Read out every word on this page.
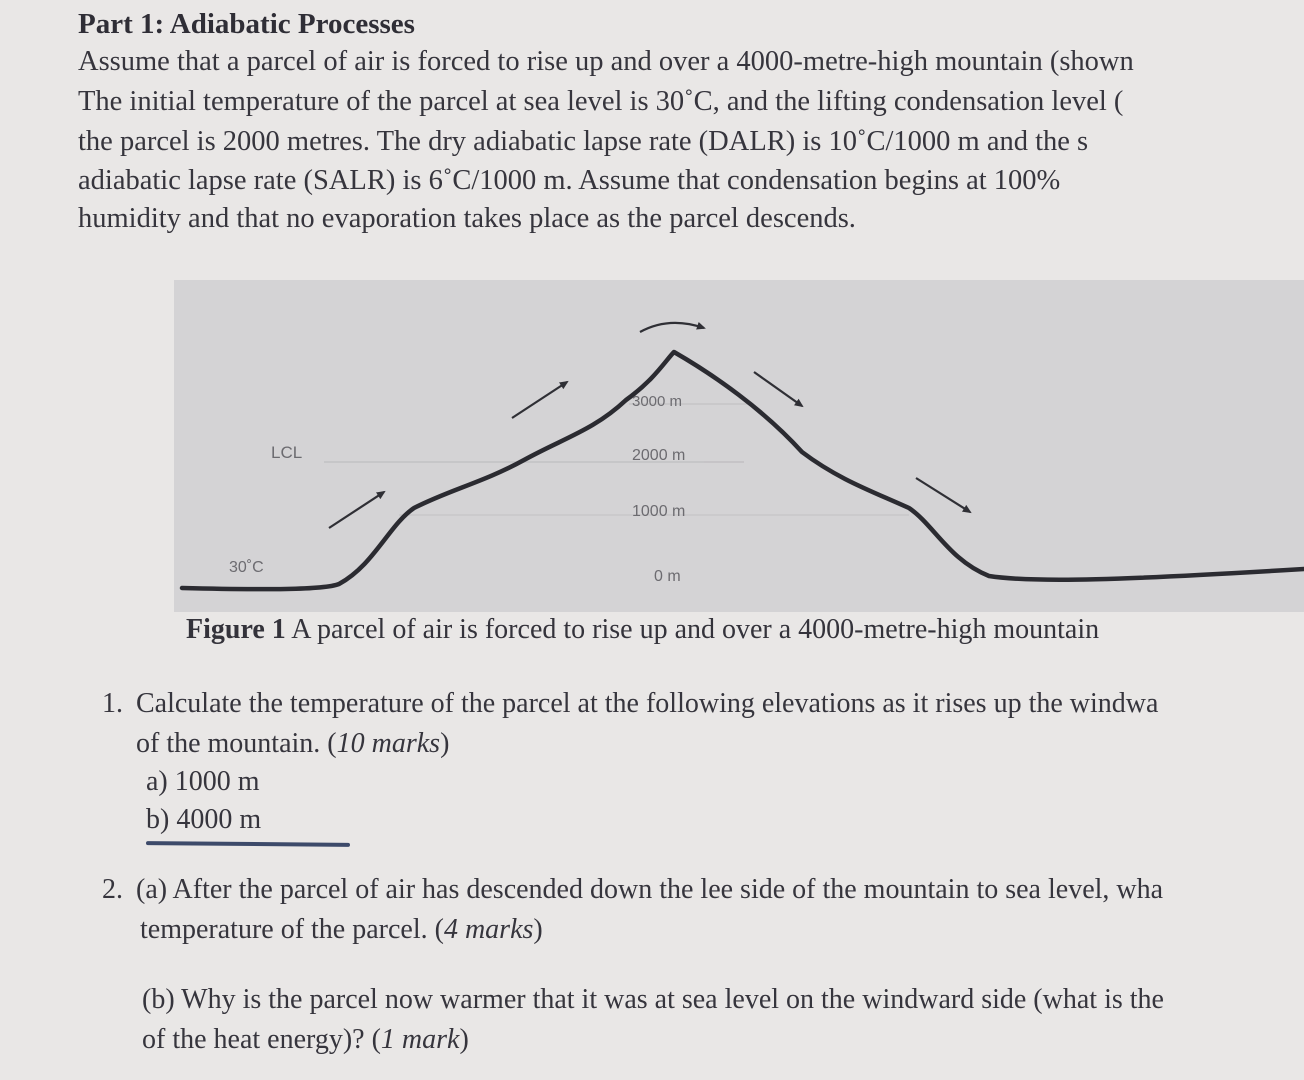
Part 1: Adiabatic Processes
Assume that a parcel of air is forced to rise up and over a 4000-metre-high mountain (shown
The initial temperature of the parcel at sea level is 30˚C, and the lifting condensation level (
the parcel is 2000 metres. The dry adiabatic lapse rate (DALR) is 10˚C/1000 m and the s
adiabatic lapse rate (SALR) is 6˚C/1000 m. Assume that condensation begins at 100%
humidity and that no evaporation takes place as the parcel descends.
LCL
30˚C
3000 m
2000 m
1000 m
0 m
Figure 1 A parcel of air is forced to rise up and over a 4000-metre-high mountain
1. Calculate the temperature of the parcel at the following elevations as it rises up the windwa
of the mountain. (10 marks)
a) 1000 m
b) 4000 m
2. (a) After the parcel of air has descended down the lee side of the mountain to sea level, wha
temperature of the parcel. (4 marks)
(b) Why is the parcel now warmer that it was at sea level on the windward side (what is the
of the heat energy)? (1 mark)
